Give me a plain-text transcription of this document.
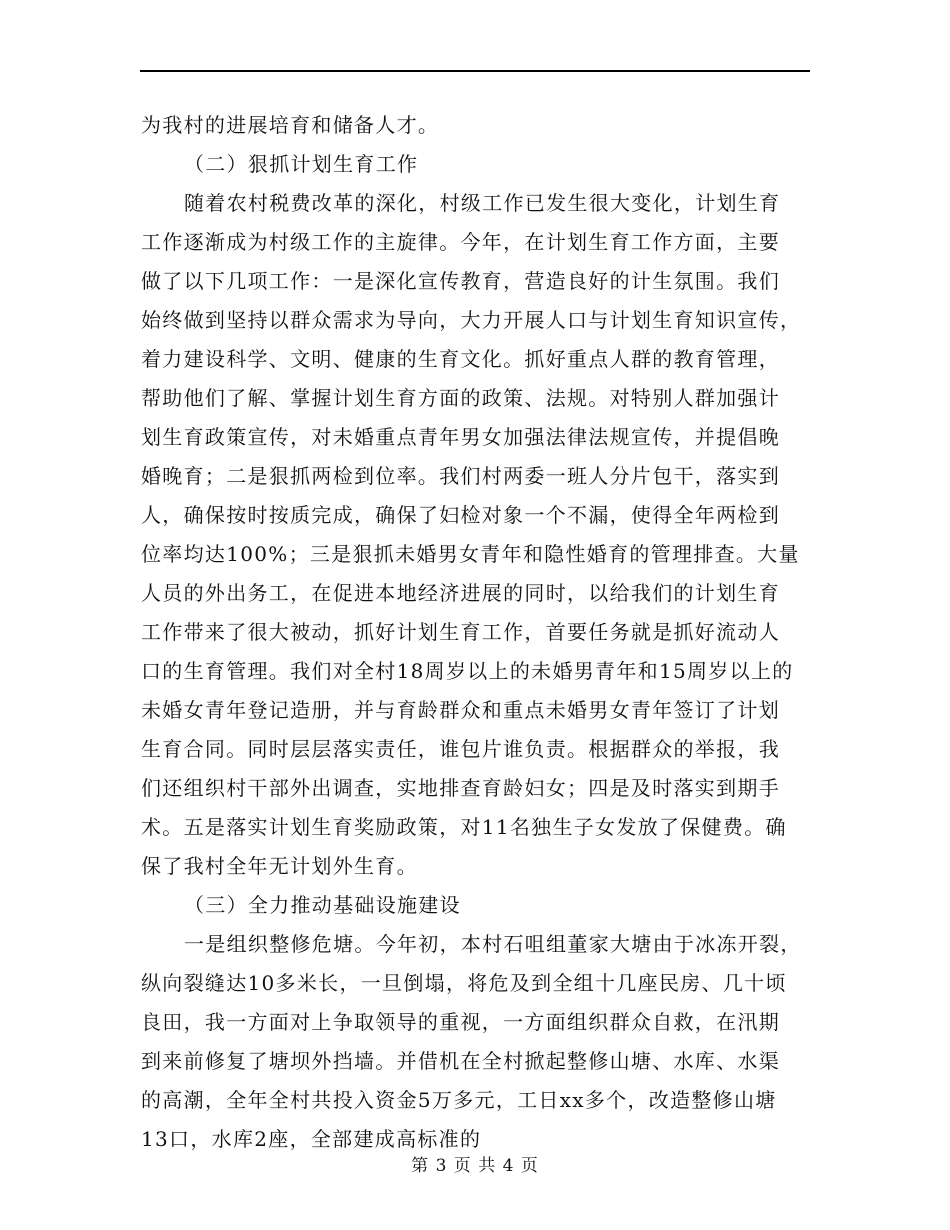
为我村的进展培育和储备人才。
（二）狠抓计划生育工作
随着农村税费改革的深化，村级工作已发生很大变化，计划生育
工作逐渐成为村级工作的主旋律。今年，在计划生育工作方面，主要
做了以下几项工作：一是深化宣传教育，营造良好的计生氛围。我们
始终做到坚持以群众需求为导向，大力开展人口与计划生育知识宣传，
着力建设科学、文明、健康的生育文化。抓好重点人群的教育管理，
帮助他们了解、掌握计划生育方面的政策、法规。对特别人群加强计
划生育政策宣传，对未婚重点青年男女加强法律法规宣传，并提倡晚
婚晚育；二是狠抓两检到位率。我们村两委一班人分片包干，落实到
人，确保按时按质完成，确保了妇检对象一个不漏，使得全年两检到
位率均达100%；三是狠抓未婚男女青年和隐性婚育的管理排查。大量
人员的外出务工，在促进本地经济进展的同时，以给我们的计划生育
工作带来了很大被动，抓好计划生育工作，首要任务就是抓好流动人
口的生育管理。我们对全村18周岁以上的未婚男青年和15周岁以上的
未婚女青年登记造册，并与育龄群众和重点未婚男女青年签订了计划
生育合同。同时层层落实责任，谁包片谁负责。根据群众的举报，我
们还组织村干部外出调查，实地排查育龄妇女；四是及时落实到期手
术。五是落实计划生育奖励政策，对11名独生子女发放了保健费。确
保了我村全年无计划外生育。
（三）全力推动基础设施建设
一是组织整修危塘。今年初，本村石咀组董家大塘由于冰冻开裂，
纵向裂缝达10多米长，一旦倒塌，将危及到全组十几座民房、几十顷
良田，我一方面对上争取领导的重视，一方面组织群众自救，在汛期
到来前修复了塘坝外挡墙。并借机在全村掀起整修山塘、水库、水渠
的高潮，全年全村共投入资金5万多元，工日xx多个，改造整修山塘
13口，水库2座，全部建成高标准的
第 3 页 共 4 页
